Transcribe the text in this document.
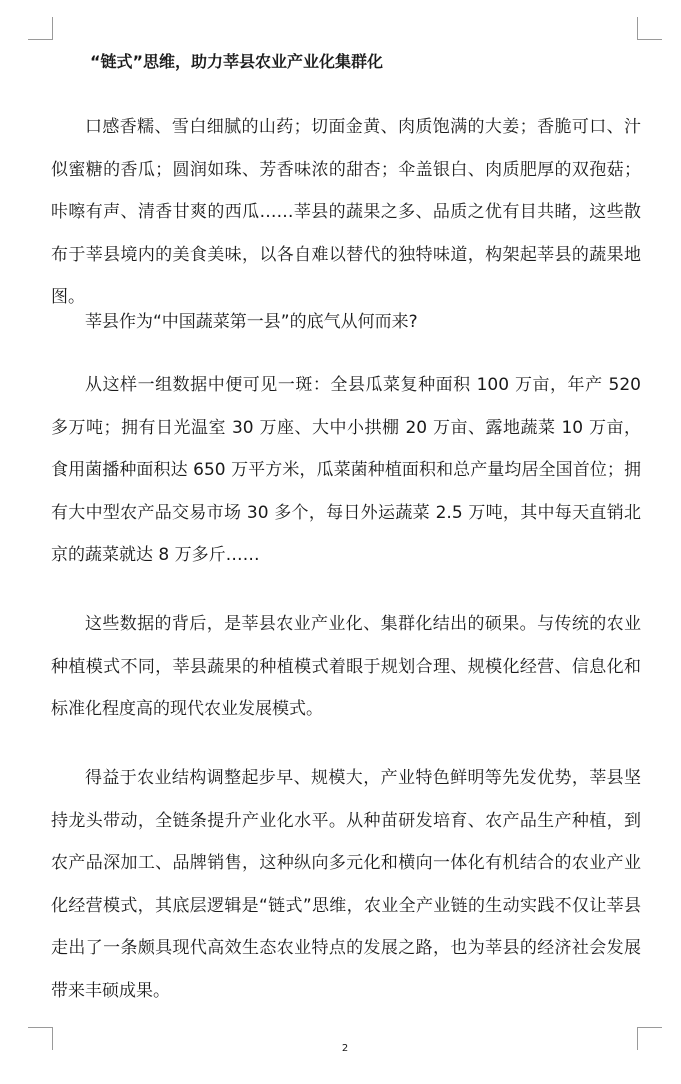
“链式”思维，助力莘县农业产业化集群化

口感香糯、雪白细腻的山药；切面金黄、肉质饱满的大姜；香脆可口、汁似蜜糖的香瓜；圆润如珠、芳香味浓的甜杏；伞盖银白、肉质肥厚的双孢菇；咔嚓有声、清香甘爽的西瓜……莘县的蔬果之多、品质之优有目共睹，这些散布于莘县境内的美食美味，以各自难以替代的独特味道，构架起莘县的蔬果地图。

莘县作为“中国蔬菜第一县”的底气从何而来?

从这样一组数据中便可见一斑：全县瓜菜复种面积 100 万亩，年产 520 多万吨；拥有日光温室 30 万座、大中小拱棚 20 万亩、露地蔬菜 10 万亩，食用菌播种面积达 650 万平方米，瓜菜菌种植面积和总产量均居全国首位；拥有大中型农产品交易市场 30 多个，每日外运蔬菜 2.5 万吨，其中每天直销北京的蔬菜就达 8 万多斤……

这些数据的背后，是莘县农业产业化、集群化结出的硕果。与传统的农业种植模式不同，莘县蔬果的种植模式着眼于规划合理、规模化经营、信息化和标准化程度高的现代农业发展模式。

得益于农业结构调整起步早、规模大，产业特色鲜明等先发优势，莘县坚持龙头带动，全链条提升产业化水平。从种苗研发培育、农产品生产种植，到农产品深加工、品牌销售，这种纵向多元化和横向一体化有机结合的农业产业化经营模式，其底层逻辑是“链式”思维，农业全产业链的生动实践不仅让莘县走出了一条颇具现代高效生态农业特点的发展之路，也为莘县的经济社会发展带来丰硕成果。

2
